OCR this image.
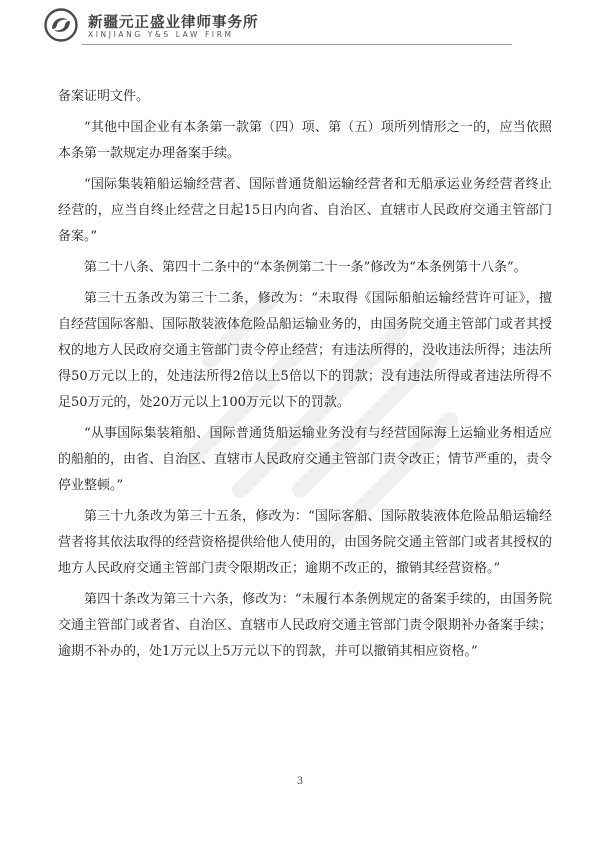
新疆元正盛业律师事务所
XINJIANG Y&S LAW FIRM

备案证明文件。

“其他中国企业有本条第一款第（四）项、第（五）项所列情形之一的，应当依照本条第一款规定办理备案手续。

“国际集装箱船运输经营者、国际普通货船运输经营者和无船承运业务经营者终止经营的，应当自终止经营之日起15日内向省、自治区、直辖市人民政府交通主管部门备案。”

第二十八条、第四十二条中的“本条例第二十一条”修改为“本条例第十八条”。

第三十五条改为第三十二条，修改为：“未取得《国际船舶运输经营许可证》，擅自经营国际客船、国际散装液体危险品船运输业务的，由国务院交通主管部门或者其授权的地方人民政府交通主管部门责令停止经营；有违法所得的，没收违法所得；违法所得50万元以上的，处违法所得2倍以上5倍以下的罚款；没有违法所得或者违法所得不足50万元的，处20万元以上100万元以下的罚款。

“从事国际集装箱船、国际普通货船运输业务没有与经营国际海上运输业务相适应的船舶的，由省、自治区、直辖市人民政府交通主管部门责令改正；情节严重的，责令停业整顿。”

第三十九条改为第三十五条，修改为：“国际客船、国际散装液体危险品船运输经营者将其依法取得的经营资格提供给他人使用的，由国务院交通主管部门或者其授权的地方人民政府交通主管部门责令限期改正；逾期不改正的，撤销其经营资格。”

第四十条改为第三十六条，修改为：“未履行本条例规定的备案手续的，由国务院交通主管部门或者省、自治区、直辖市人民政府交通主管部门责令限期补办备案手续；逾期不补办的，处1万元以上5万元以下的罚款，并可以撤销其相应资格。”

3
